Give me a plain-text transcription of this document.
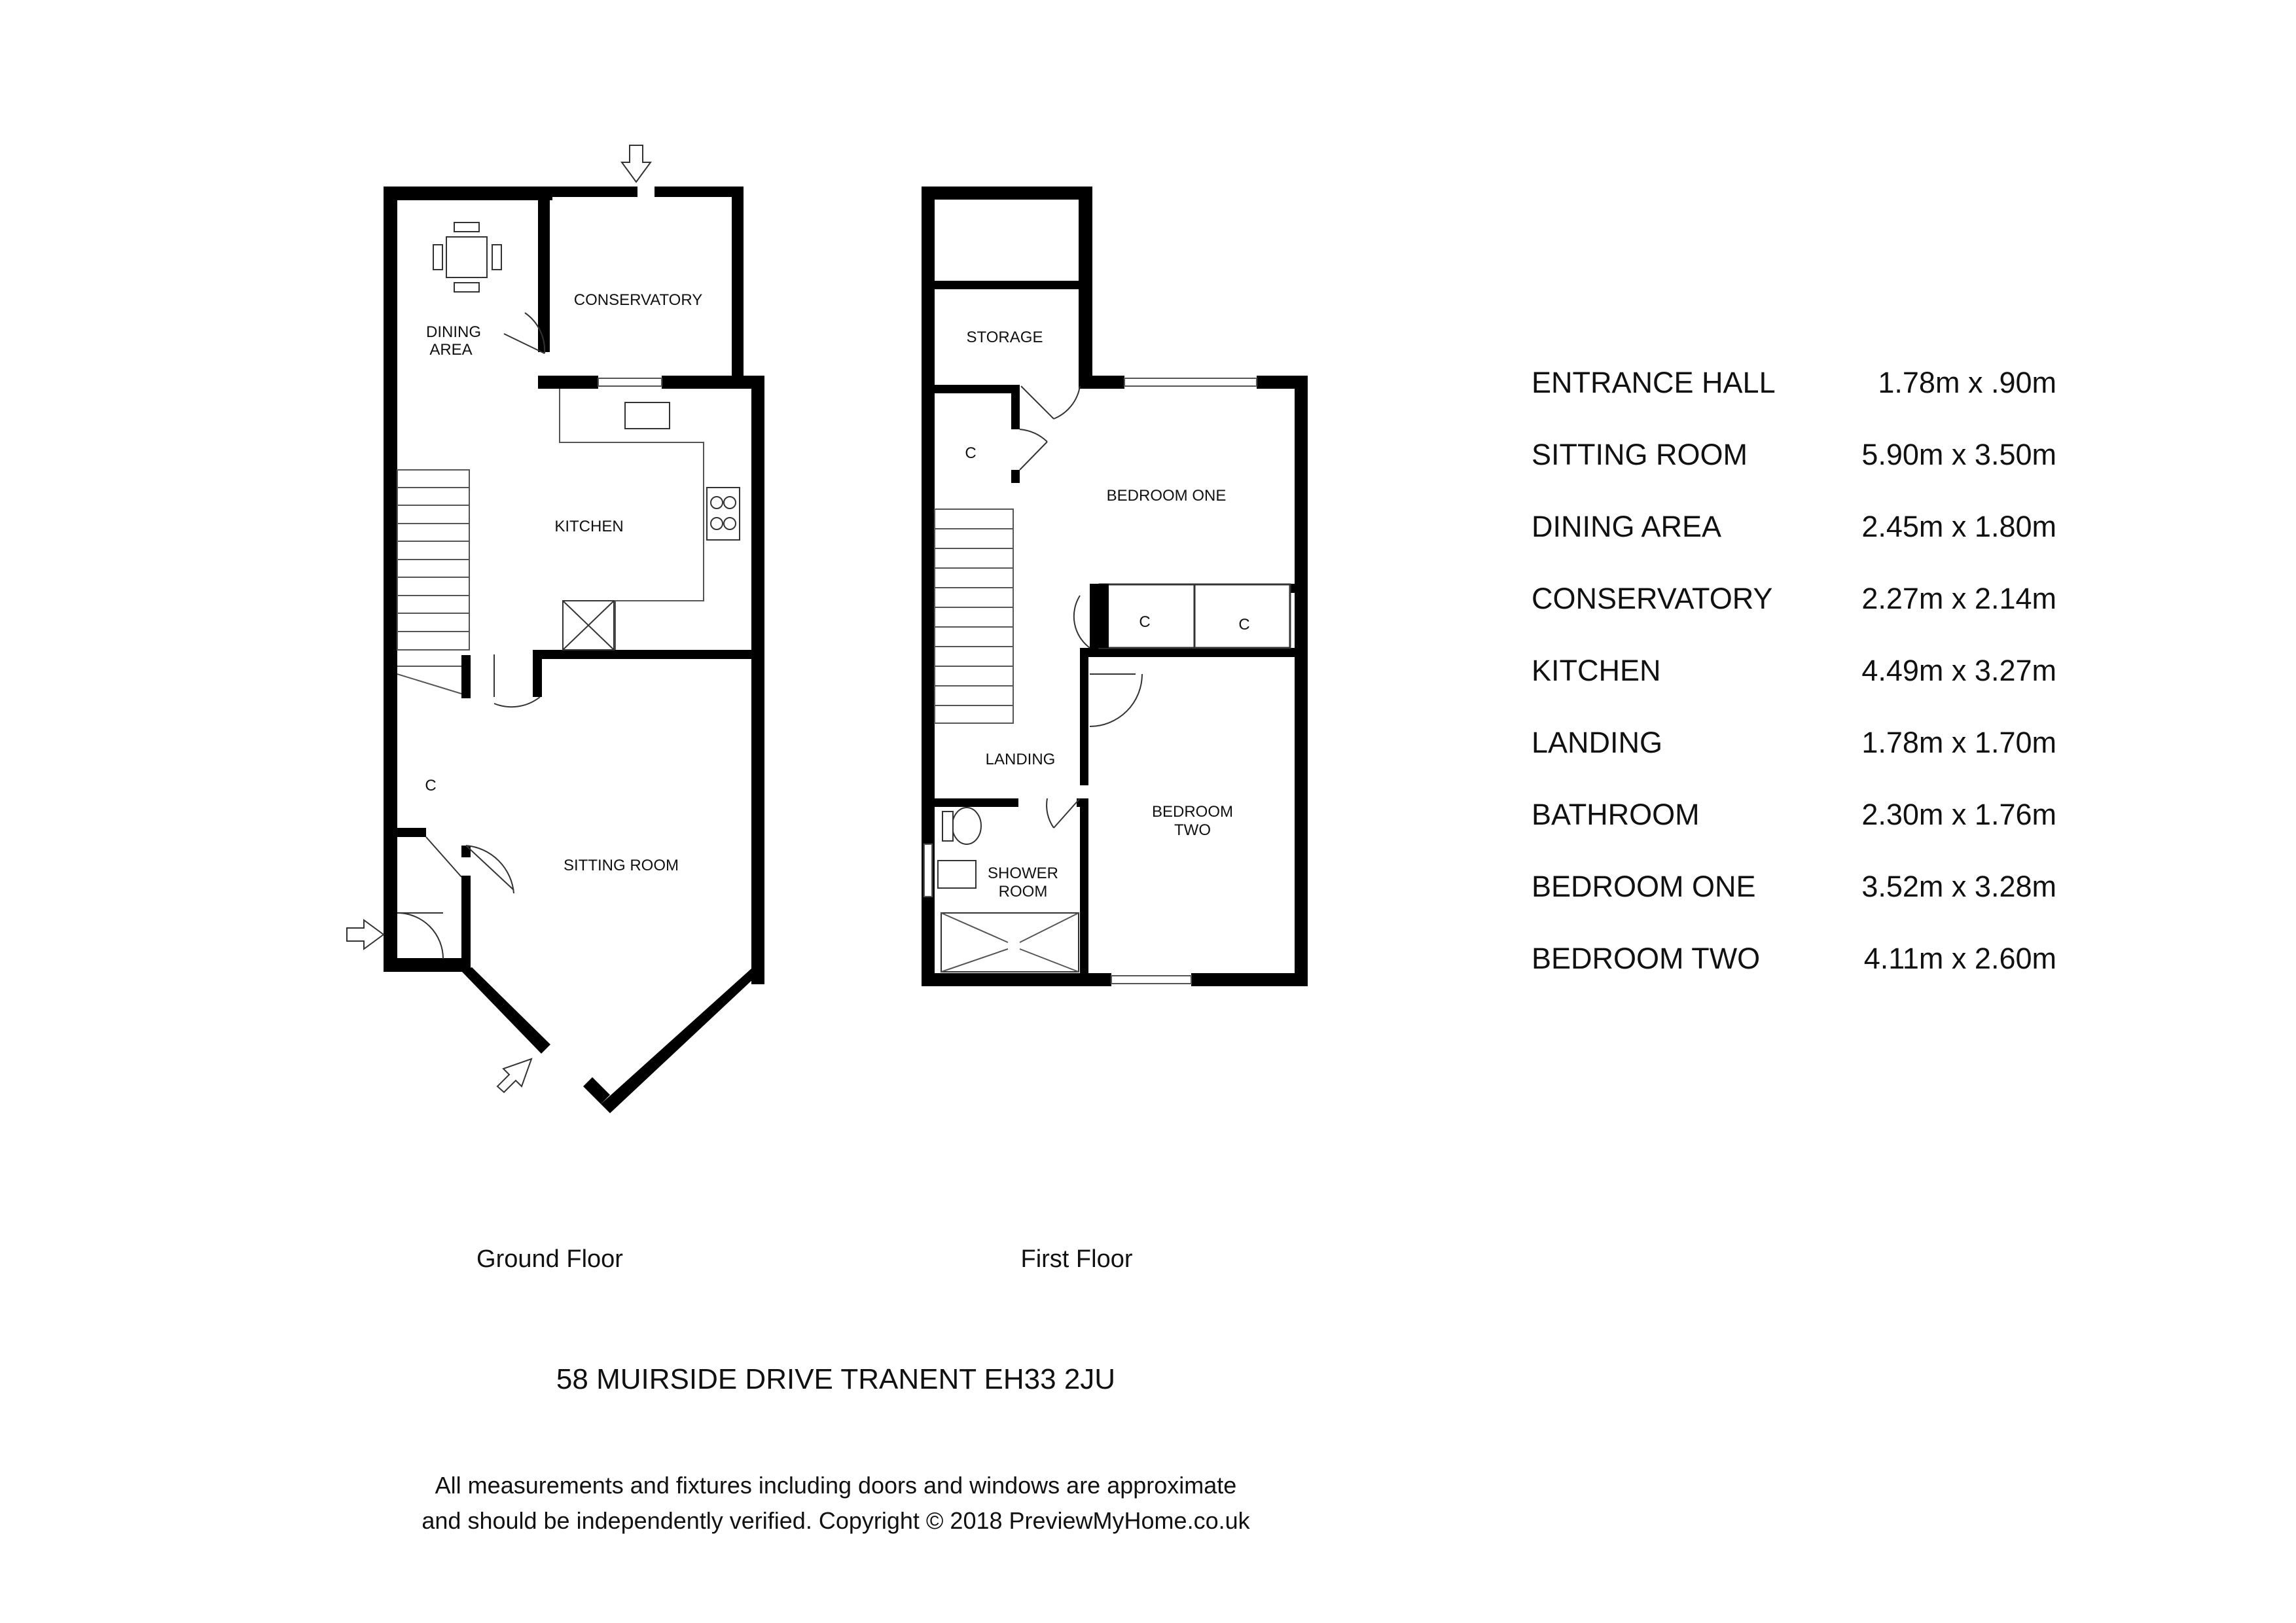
DINING
AREA
CONSERVATORY
KITCHEN
C
SITTING ROOM
STORAGE
C
BEDROOM ONE
C	C
LANDING
BEDROOM
TWO
SHOWER
ROOM
Ground Floor	First Floor
58 MUIRSIDE DRIVE TRANENT EH33 2JU
All measurements and fixtures including doors and windows are approximate
and should be independently verified. Copyright © 2018 PreviewMyHome.co.uk
ENTRANCE HALL	1.78m x .90m
SITTING ROOM	5.90m x 3.50m
DINING AREA	2.45m x 1.80m
CONSERVATORY	2.27m x 2.14m
KITCHEN	4.49m x 3.27m
LANDING	1.78m x 1.70m
BATHROOM	2.30m x 1.76m
BEDROOM ONE	3.52m x 3.28m
BEDROOM TWO	4.11m x 2.60m
